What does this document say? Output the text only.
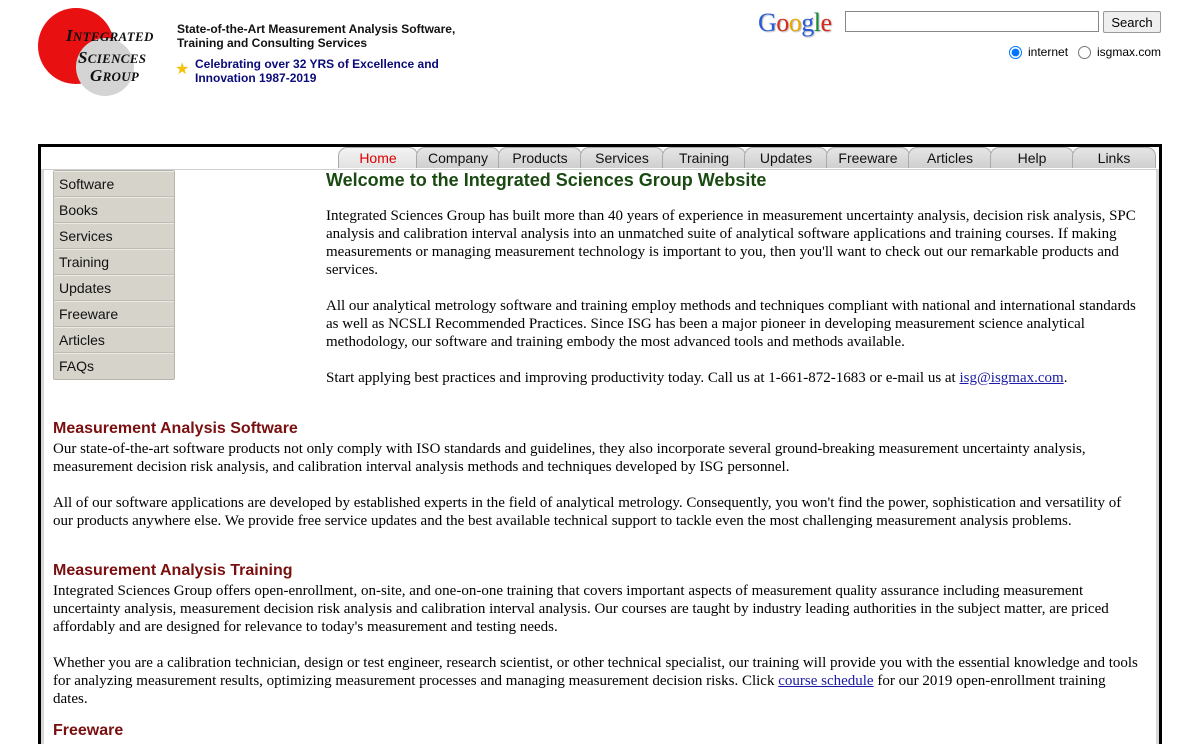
INTEGRATED
SCIENCES
GROUP
State-of-the-Art Measurement Analysis Software, Training and Consulting Services
★ Celebrating over 32 YRS of Excellence and Innovation 1987-2019
Google	Search
internet isgmax.com
Home	Company	Products	Services	Training	Updates	Freeware	Articles	Help	Links
Software
Books
Services
Training
Updates
Freeware
Articles
FAQs
Welcome to the Integrated Sciences Group Website

Integrated Sciences Group has built more than 40 years of experience in measurement uncertainty analysis, decision risk analysis, SPC analysis and calibration interval analysis into an unmatched suite of analytical software applications and training courses. If making measurements or managing measurement technology is important to you, then you'll want to check out our remarkable products and services.

All our analytical metrology software and training employ methods and techniques compliant with national and international standards as well as NCSLI Recommended Practices. Since ISG has been a major pioneer in developing measurement science analytical methodology, our software and training embody the most advanced tools and methods available.

Start applying best practices and improving productivity today. Call us at 1-661-872-1683 or e-mail us at isg@isgmax.com.

Measurement Analysis Software

Our state-of-the-art software products not only comply with ISO standards and guidelines, they also incorporate several ground-breaking measurement uncertainty analysis, measurement decision risk analysis, and calibration interval analysis methods and techniques developed by ISG personnel.

All of our software applications are developed by established experts in the field of analytical metrology. Consequently, you won't find the power, sophistication and versatility of our products anywhere else. We provide free service updates and the best available technical support to tackle even the most challenging measurement analysis problems.

Measurement Analysis Training

Integrated Sciences Group offers open-enrollment, on-site, and one-on-one training that covers important aspects of measurement quality assurance including measurement uncertainty analysis, measurement decision risk analysis and calibration interval analysis. Our courses are taught by industry leading authorities in the subject matter, are priced affordably and are designed for relevance to today's measurement and testing needs.

Whether you are a calibration technician, design or test engineer, research scientist, or other technical specialist, our training will provide you with the essential knowledge and tools for analyzing measurement results, optimizing measurement processes and managing measurement decision risks. Click course schedule for our 2019 open-enrollment training dates.

Freeware
